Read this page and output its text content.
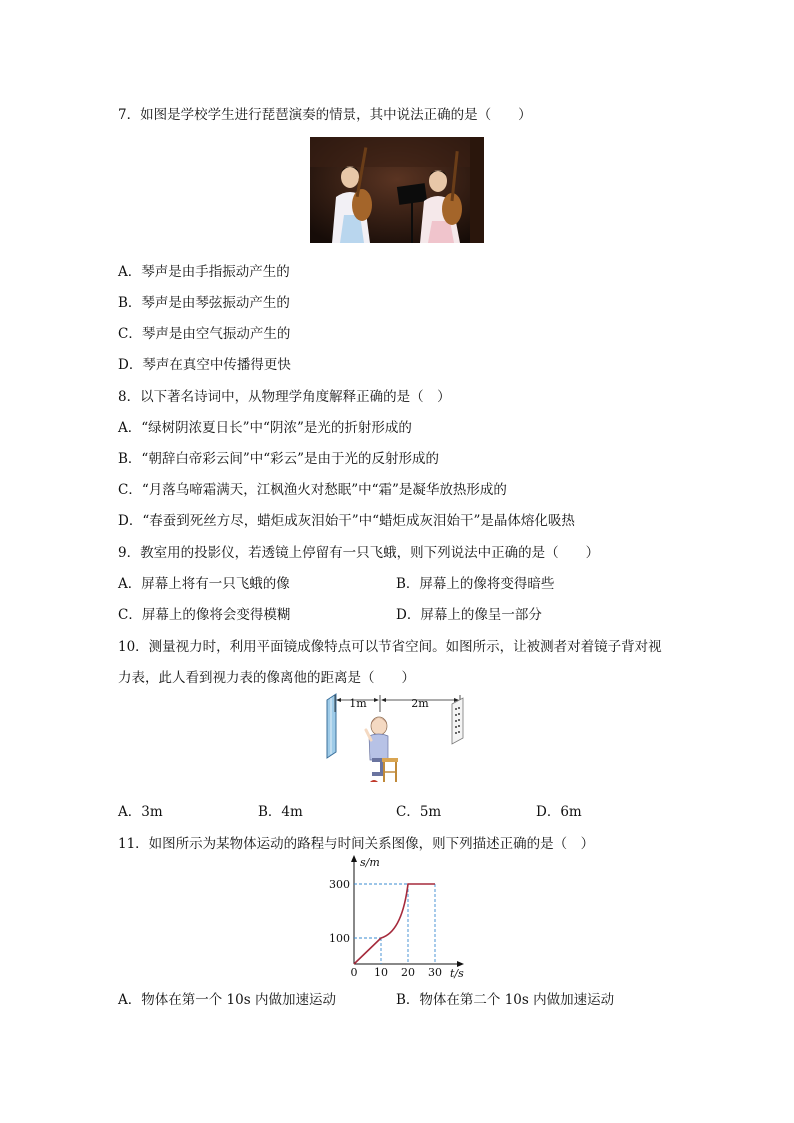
7．如图是学校学生进行琵琶演奏的情景，其中说法正确的是（　　）
A．琴声是由手指振动产生的
B．琴声是由琴弦振动产生的
C．琴声是由空气振动产生的
D．琴声在真空中传播得更快
8．以下著名诗词中，从物理学角度解释正确的是（　）
A．“绿树阴浓夏日长”中“阴浓”是光的折射形成的
B．“朝辞白帝彩云间”中“彩云”是由于光的反射形成的
C．“月落乌啼霜满天，江枫渔火对愁眠”中“霜”是凝华放热形成的
D．“春蚕到死丝方尽，蜡炬成灰泪始干”中“蜡炬成灰泪始干”是晶体熔化吸热
9．教室用的投影仪，若透镜上停留有一只飞蛾，则下列说法中正确的是（　　）
A．屏幕上将有一只飞蛾的像	B．屏幕上的像将变得暗些
C．屏幕上的像将会变得模糊	D．屏幕上的像呈一部分
10．测量视力时，利用平面镜成像特点可以节省空间。如图所示，让被测者对着镜子背对视
力表，此人看到视力表的像离他的距离是（　　）
1m	2m
A．3m	B．4m	C．5m	D．6m
11．如图所示为某物体运动的路程与时间关系图像，则下列描述正确的是（　）
s/m
t/s
0 10 20 30
100
300
A．物体在第一个 10s 内做加速运动	B．物体在第二个 10s 内做加速运动
